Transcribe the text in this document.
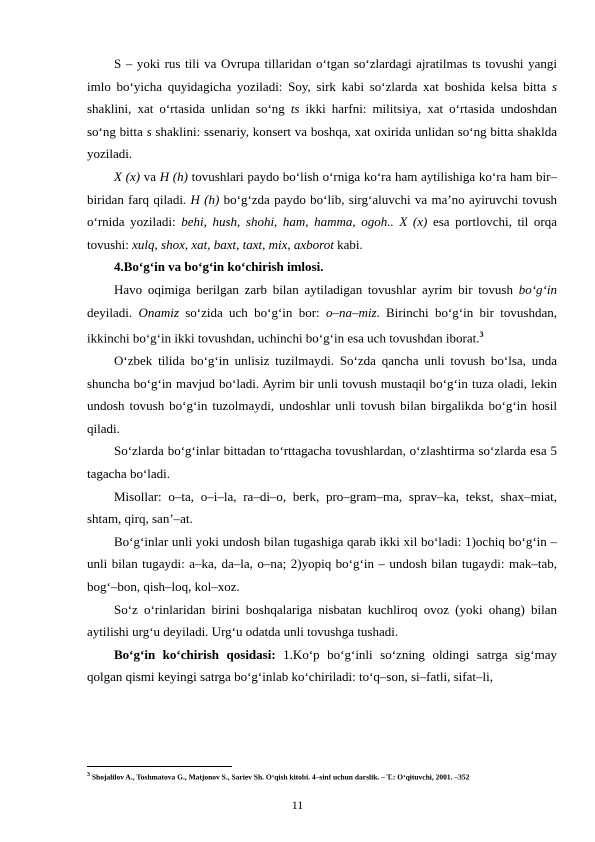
S – yoki rus tili va Ovrupa tillaridan o‘tgan so‘zlardagi ajratilmas ts tovushi yangi imlo bo‘yicha quyidagicha yoziladi: Soy, sirk kabi so‘zlarda xat boshida kelsa bitta s shaklini, xat o‘rtasida unlidan so‘ng ts ikki harfni: militsiya, xat o‘rtasida undoshdan so‘ng bitta s shaklini: ssenariy, konsert va boshqa, xat oxirida unlidan so‘ng bitta shaklda yoziladi.

X (x) va H (h) tovushlari paydo bo‘lish o‘rniga ko‘ra ham aytilishiga ko‘ra ham bir–biridan farq qiladi. H (h) bo‘g‘zda paydo bo‘lib, sirg‘aluvchi va ma’no ayiruvchi tovush o‘rnida yoziladi: behi, hush, shohi, ham, hamma, ogoh.. X (x) esa portlovchi, til orqa tovushi: xulq, shox, xat, baxt, taxt, mix, axborot kabi.

4.Bo‘g‘in va bo‘g‘in ko‘chirish imlosi.

Havo oqimiga berilgan zarb bilan aytiladigan tovushlar ayrim bir tovush bo‘g‘in deyiladi. Onamiz so‘zida uch bo‘g‘in bor: o–na–miz. Birinchi bo‘g‘in bir tovushdan, ikkinchi bo‘g‘in ikki tovushdan, uchinchi bo‘g‘in esa uch tovushdan iborat.$^3$

O‘zbek tilida bo‘g‘in unlisiz tuzilmaydi. So‘zda qancha unli tovush bo‘lsa, unda shuncha bo‘g‘in mavjud bo‘ladi. Ayrim bir unli tovush mustaqil bo‘g‘in tuza oladi, lekin undosh tovush bo‘g‘in tuzolmaydi, undoshlar unli tovush bilan birgalikda bo‘g‘in hosil qiladi.

So‘zlarda bo‘g‘inlar bittadan to‘rttagacha tovushlardan, o‘zlashtirma so‘zlarda esa 5 tagacha bo‘ladi.

Misollar: o–ta, o–i–la, ra–di–o, berk, pro–gram–ma, sprav–ka, tekst, shax–miat, shtam, qirq, san’–at.

Bo‘g‘inlar unli yoki undosh bilan tugashiga qarab ikki xil bo‘ladi: 1)ochiq bo‘g‘in – unli bilan tugaydi: a–ka, da–la, o–na; 2)yopiq bo‘g‘in – undosh bilan tugaydi: mak–tab, bog‘–bon, qish–loq, kol–xoz.

So‘z o‘rinlaridan birini boshqalariga nisbatan kuchliroq ovoz (yoki ohang) bilan aytilishi urg‘u deyiladi. Urg‘u odatda unli tovushga tushadi.

Bo‘g‘in ko‘chirish qosidasi: 1.Ko‘p bo‘g‘inli so‘zning oldingi satrga sig‘may qolgan qismi keyingi satrga bo‘g‘inlab ko‘chiriladi: to‘q–son, si–fatli, sifat–li,

$^3$ Shojalilov A., Toshmatova G., Matjonov S., Sariev Sh. O‘qish kitobi. 4–sinf uchun darslik. – T.: O‘qituvchi, 2001. –352
11
